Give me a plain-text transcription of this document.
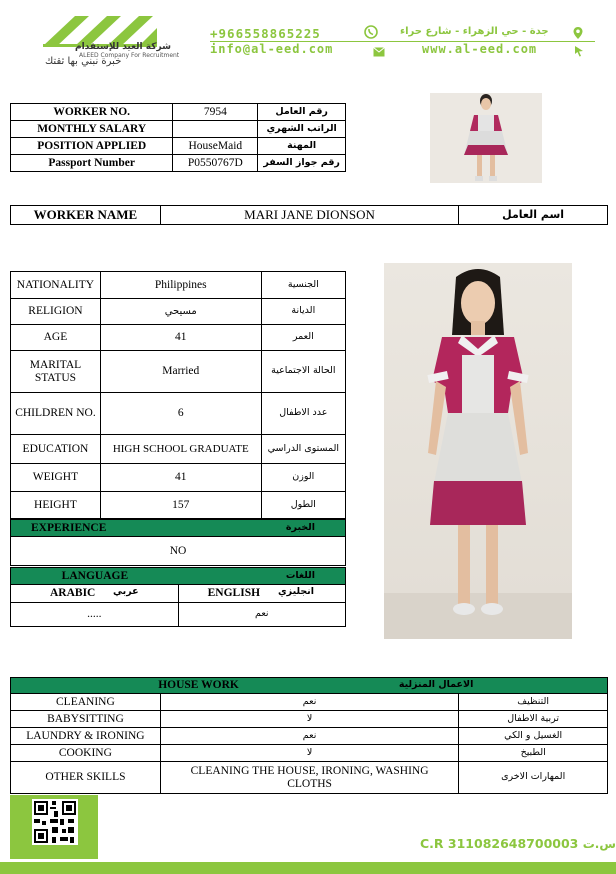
شركة العيد للإستقدام
ALEED Company For Recruitment
خبرة نبني بها ثقتك
+966558865225	جدة - حي الزهراء - شارع حراء
info@al-eed.com	www.al-eed.com
WORKER NO.	7954	رقم العامل
MONTHLY SALARY		الراتب الشهري
POSITION APPLIED	HouseMaid	المهنة
Passport Number	P0550767D	رقم جواز السفر
WORKER NAME	MARI JANE DIONSON	اسم العامل
NATIONALITY	Philippines	الجنسية
RELIGION	مسيحي	الديانة
AGE	41	العمر
MARITAL STATUS	Married	الحالة الاجتماعية
CHILDREN NO.	6	عدد الاطفال
EDUCATION	HIGH SCHOOL GRADUATE	المستوى الدراسي
WEIGHT	41	الوزن
HEIGHT	157	الطول
EXPERIENCE	الخبرة
NO
LANGUAGE	اللغات

ARABIC عربي	ENGLISH انجليزي

.....	نعم
HOUSE WORK		الاعمال المنزلية
CLEANING	نعم	التنظيف
BABYSITTING	لا	تربية الاطفال
LAUNDRY & IRONING	نعم	الغسيل و الكي
COOKING	لا	الطبيخ
OTHER SKILLS	CLEANING THE HOUSE, IRONING, WASHING CLOTHS	المهارات الاخرى
C.R 311082648700003 س.ت
